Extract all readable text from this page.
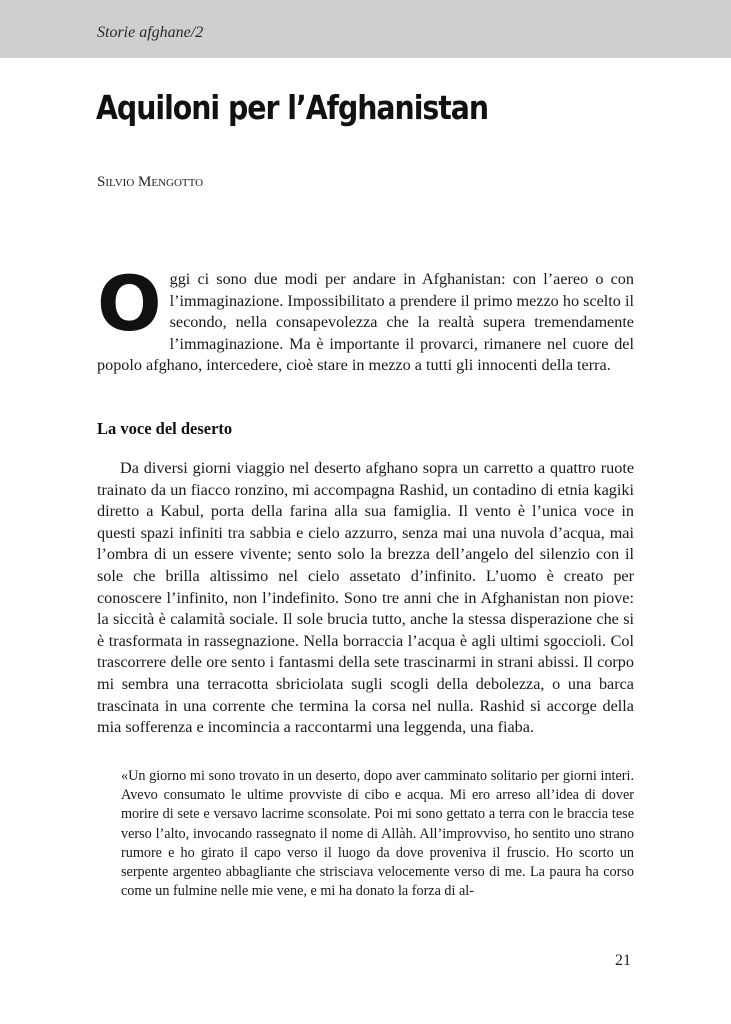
Storie afghane/2
Aquiloni per l’Afghanistan
Silvio Mengotto

Oggi ci sono due modi per andare in Afghanistan: con l’aereo o con l’immaginazione. Impossibilitato a prendere il primo mezzo ho scelto il secondo, nella consapevolezza che la realtà supera tremendamente l’immaginazione. Ma è importante il provarci, rimanere nel cuore del popolo afghano, intercedere, cioè stare in mezzo a tutti gli innocenti della terra.

La voce del deserto

Da diversi giorni viaggio nel deserto afghano sopra un carretto a quattro ruote trainato da un fiacco ronzino, mi accompagna Rashid, un contadino di etnia kagiki diretto a Kabul, porta della farina alla sua famiglia. Il vento è l’unica voce in questi spazi infiniti tra sabbia e cielo azzurro, senza mai una nuvola d’acqua, mai l’ombra di un essere vivente; sento solo la brezza dell’angelo del silenzio con il sole che brilla altissimo nel cielo assetato d’infinito. L’uomo è creato per conoscere l’infinito, non l’indefinito. Sono tre anni che in Afghanistan non piove: la siccità è calamità sociale. Il sole brucia tutto, anche la stessa disperazione che si è trasformata in rassegnazione. Nella borraccia l’acqua è agli ultimi sgoccioli. Col trascorrere delle ore sento i fantasmi della sete trascinarmi in strani abissi. Il corpo mi sembra una terracotta sbriciolata sugli scogli della debolezza, o una barca trascinata in una corrente che termina la corsa nel nulla. Rashid si accorge della mia sofferenza e incomincia a raccontarmi una leggenda, una fiaba.

«Un giorno mi sono trovato in un deserto, dopo aver camminato solitario per giorni interi. Avevo consumato le ultime provviste di cibo e acqua. Mi ero arreso all’idea di dover morire di sete e versavo lacrime sconsolate. Poi mi sono gettato a terra con le braccia tese verso l’alto, invocando rassegnato il nome di Allàh. All’improvviso, ho sentito uno strano rumore e ho girato il capo verso il luogo da dove proveniva il fruscio. Ho scorto un serpente argenteo abbagliante che strisciava velocemente verso di me. La paura ha corso come un fulmine nelle mie vene, e mi ha donato la forza di al-

21
